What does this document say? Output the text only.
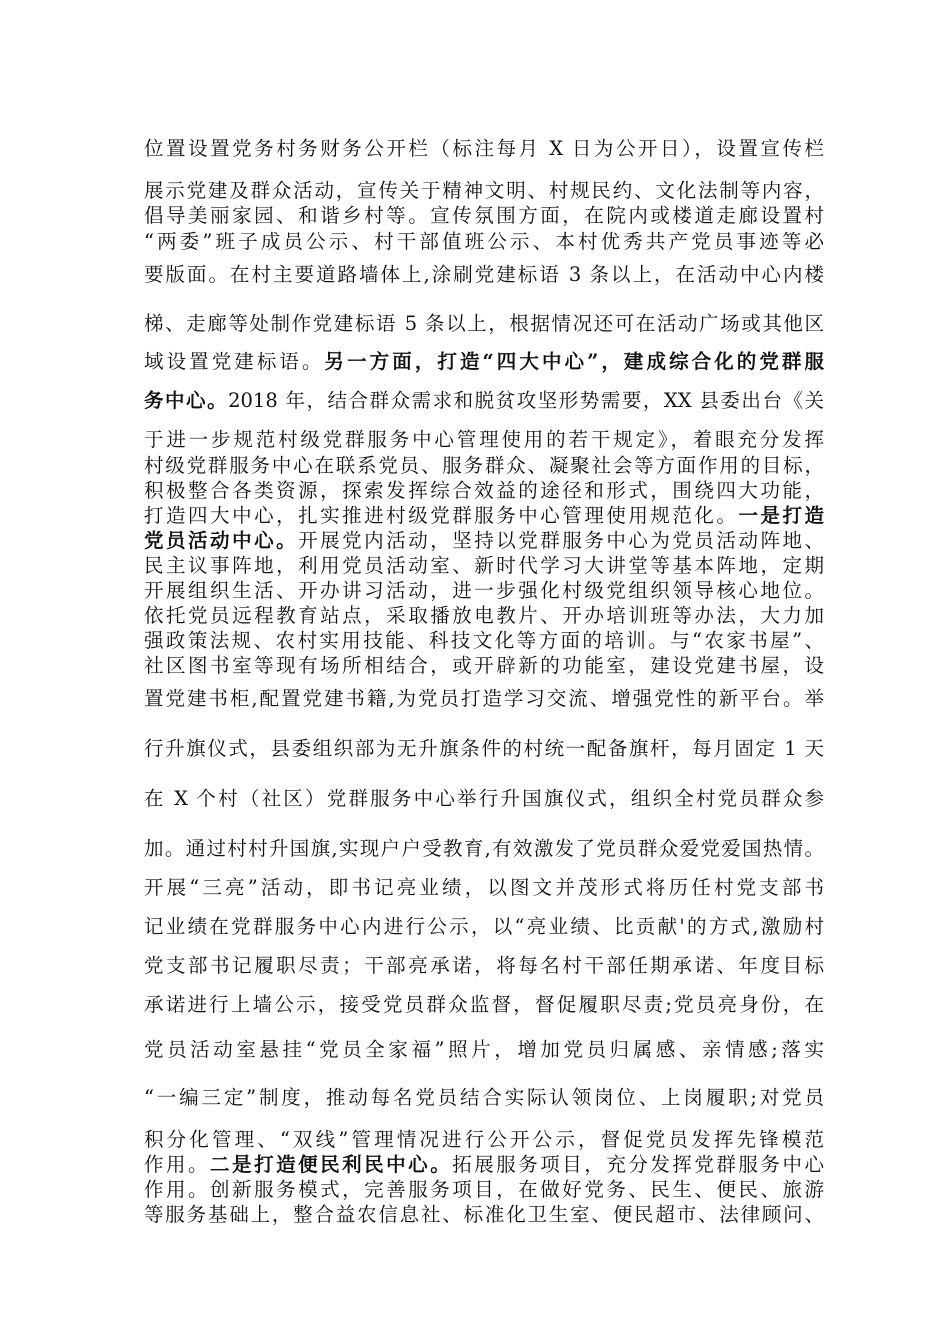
位置设置党务村务财务公开栏（标注每月 X 日为公开日），设置宣传栏
展示党建及群众活动，宣传关于精神文明、村规民约、文化法制等内容，
倡导美丽家园、和谐乡村等。宣传氛围方面，在院内或楼道走廊设置村
“两委”班子成员公示、村干部值班公示、本村优秀共产党员事迹等必
要版面。在村主要道路墙体上,涂刷党建标语 3 条以上，在活动中心内楼
梯、走廊等处制作党建标语 5 条以上，根据情况还可在活动广场或其他区
域设置党建标语。另一方面，打造“四大中心”，建成综合化的党群服
务中心。2018 年，结合群众需求和脱贫攻坚形势需要，XX 县委出台《关
于进一步规范村级党群服务中心管理使用的若干规定》，着眼充分发挥
村级党群服务中心在联系党员、服务群众、凝聚社会等方面作用的目标，
积极整合各类资源，探索发挥综合效益的途径和形式，围绕四大功能，
打造四大中心，扎实推进村级党群服务中心管理使用规范化。一是打造
党员活动中心。开展党内活动，坚持以党群服务中心为党员活动阵地、
民主议事阵地，利用党员活动室、新时代学习大讲堂等基本阵地，定期
开展组织生活、开办讲习活动，进一步强化村级党组织领导核心地位。
依托党员远程教育站点，采取播放电教片、开办培训班等办法，大力加
强政策法规、农村实用技能、科技文化等方面的培训。与“农家书屋”、
社区图书室等现有场所相结合，或开辟新的功能室，建设党建书屋，设
置党建书柜,配置党建书籍,为党员打造学习交流、增强党性的新平台。举
行升旗仪式，县委组织部为无升旗条件的村统一配备旗杆，每月固定 1 天
在 X 个村（社区）党群服务中心举行升国旗仪式，组织全村党员群众参
加。通过村村升国旗,实现户户受教育,有效激发了党员群众爱党爱国热情。
开展“三亮”活动，即书记亮业绩，以图文并茂形式将历任村党支部书
记业绩在党群服务中心内进行公示，以“亮业绩、比贡献'的方式,激励村
党支部书记履职尽责；干部亮承诺，将每名村干部任期承诺、年度目标
承诺进行上墙公示，接受党员群众监督，督促履职尽责;党员亮身份，在
党员活动室悬挂“党员全家福”照片，增加党员归属感、亲情感;落实
“一编三定”制度，推动每名党员结合实际认领岗位、上岗履职;对党员
积分化管理、“双线”管理情况进行公开公示，督促党员发挥先锋模范
作用。二是打造便民利民中心。拓展服务项目，充分发挥党群服务中心
作用。创新服务模式，完善服务项目，在做好党务、民生、便民、旅游
等服务基础上，整合益农信息社、标准化卫生室、便民超市、法律顾问、
